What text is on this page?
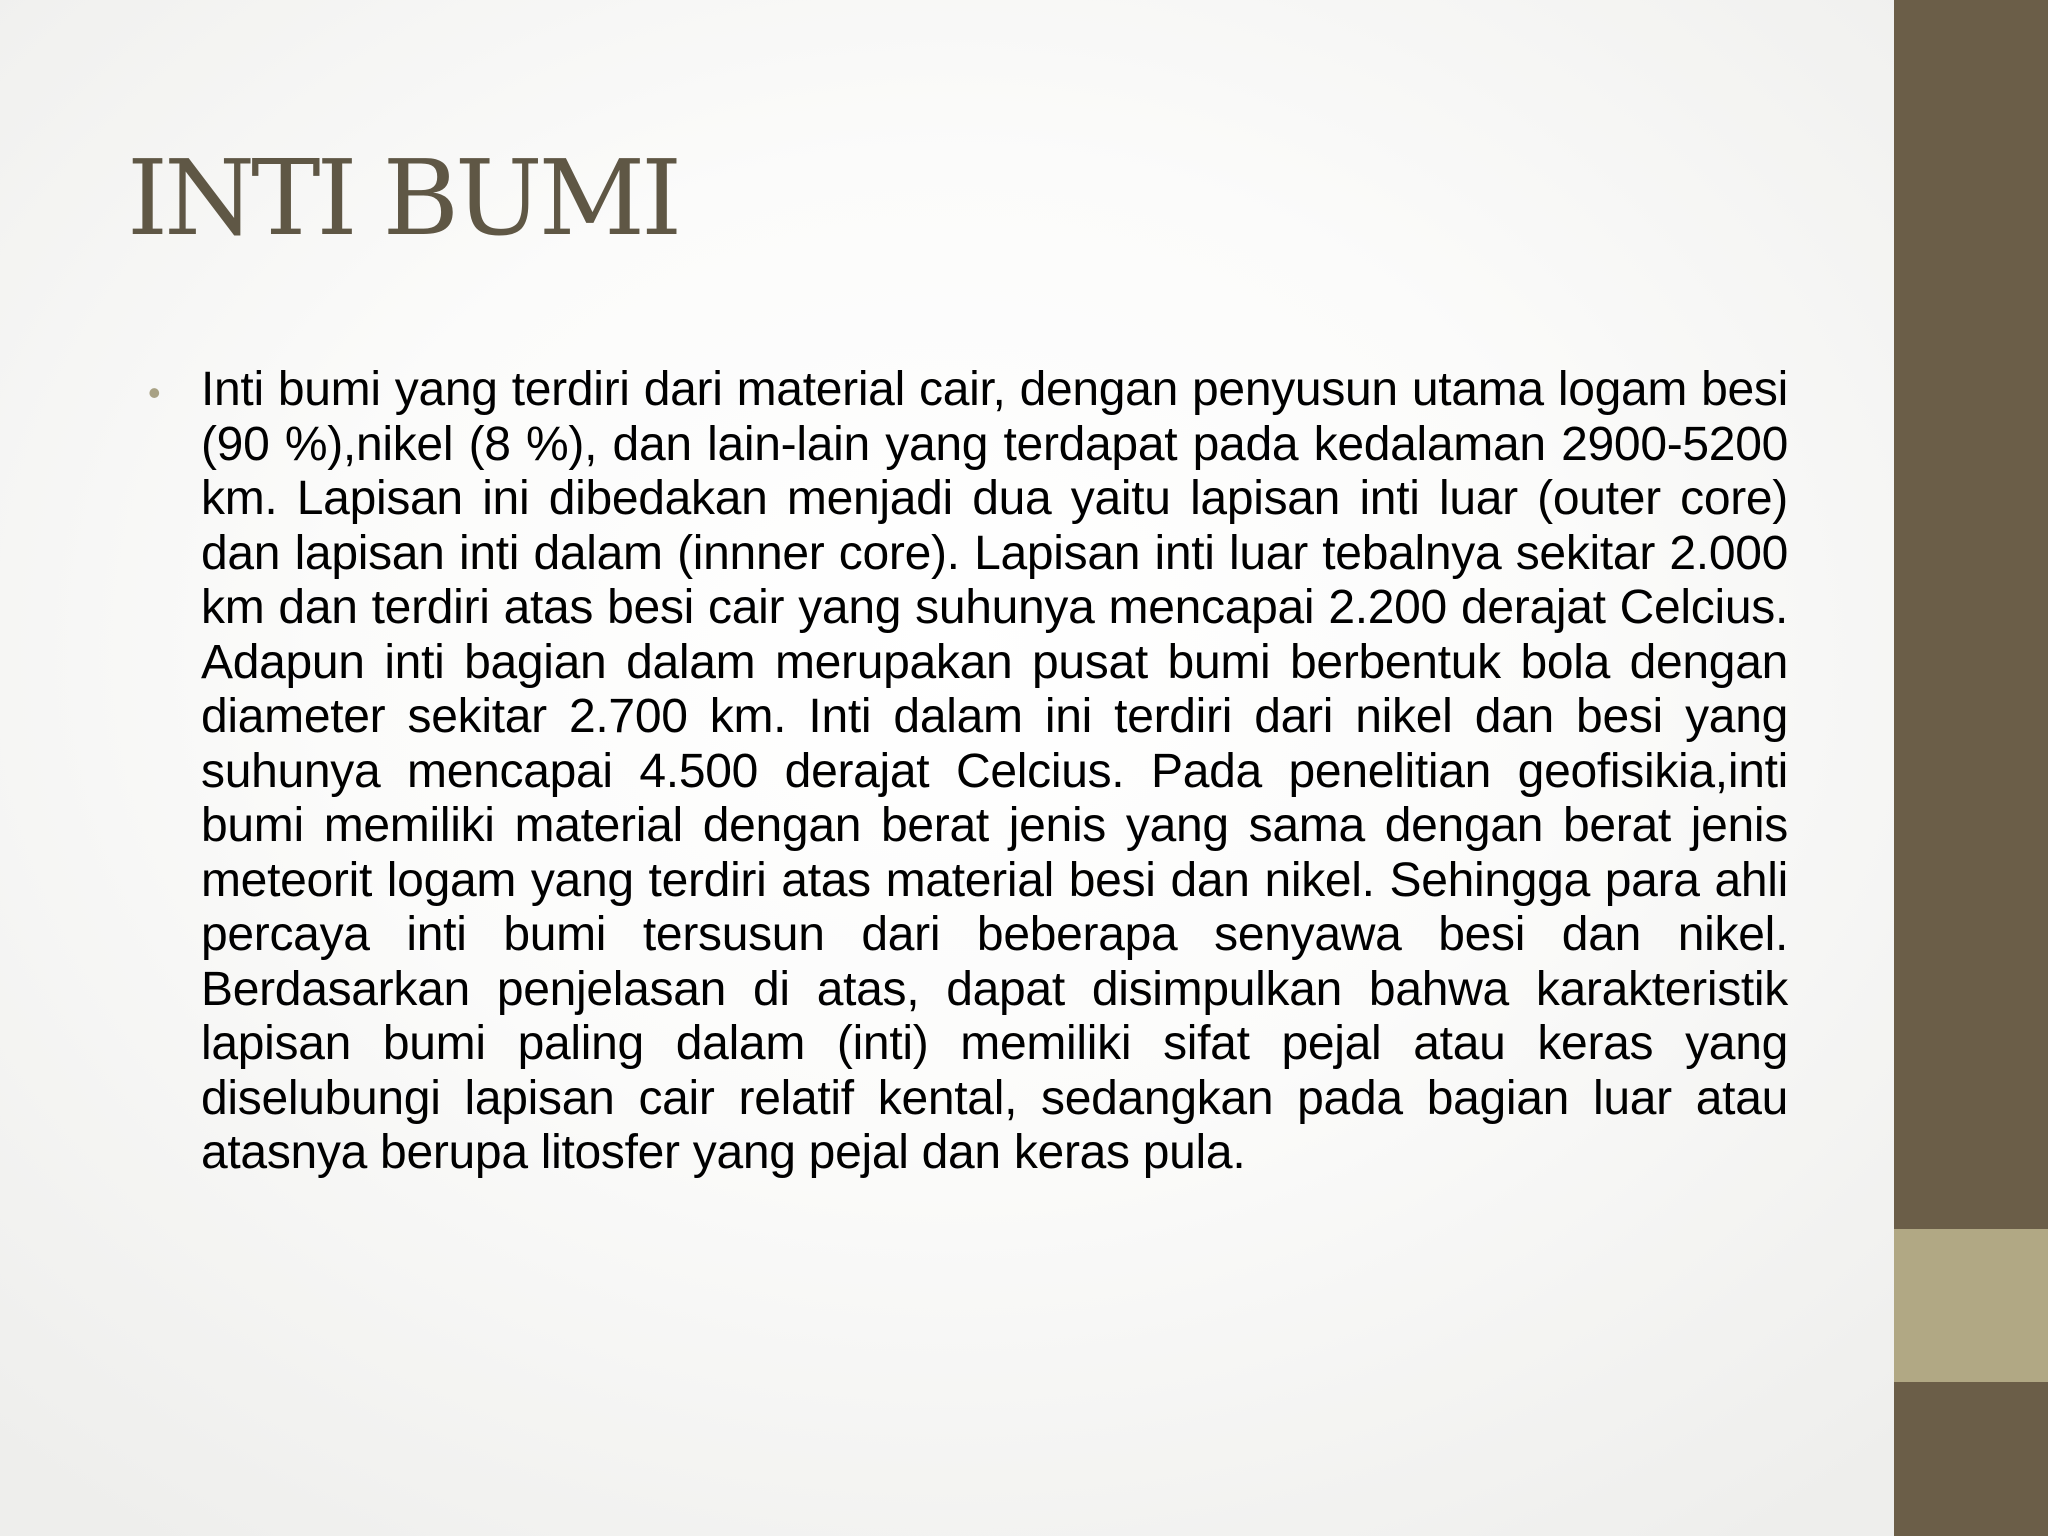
INTI BUMI
• Inti bumi yang terdiri dari material cair, dengan penyusun utama logam besi (90 %),nikel (8 %), dan lain-lain yang terdapat pada kedalaman 2900-5200 km. Lapisan ini dibedakan menjadi dua yaitu lapisan inti luar (outer core) dan lapisan inti dalam (innner core). Lapisan inti luar tebalnya sekitar 2.000 km dan terdiri atas besi cair yang suhunya mencapai 2.200 derajat Celcius. Adapun inti bagian dalam merupakan pusat bumi berbentuk bola dengan diameter sekitar 2.700 km. Inti dalam ini terdiri dari nikel dan besi yang suhunya mencapai 4.500 derajat Celcius. Pada penelitian geofisikia,inti bumi memiliki material dengan berat jenis yang sama dengan berat jenis meteorit logam yang terdiri atas material besi dan nikel. Sehingga para ahli percaya inti bumi tersusun dari beberapa senyawa besi dan nikel. Berdasarkan penjelasan di atas, dapat disimpulkan bahwa karakteristik lapisan bumi paling dalam (inti) memiliki sifat pejal atau keras yang diselubungi lapisan cair relatif kental, sedangkan pada bagian luar atau atasnya berupa litosfer yang pejal dan keras pula.
